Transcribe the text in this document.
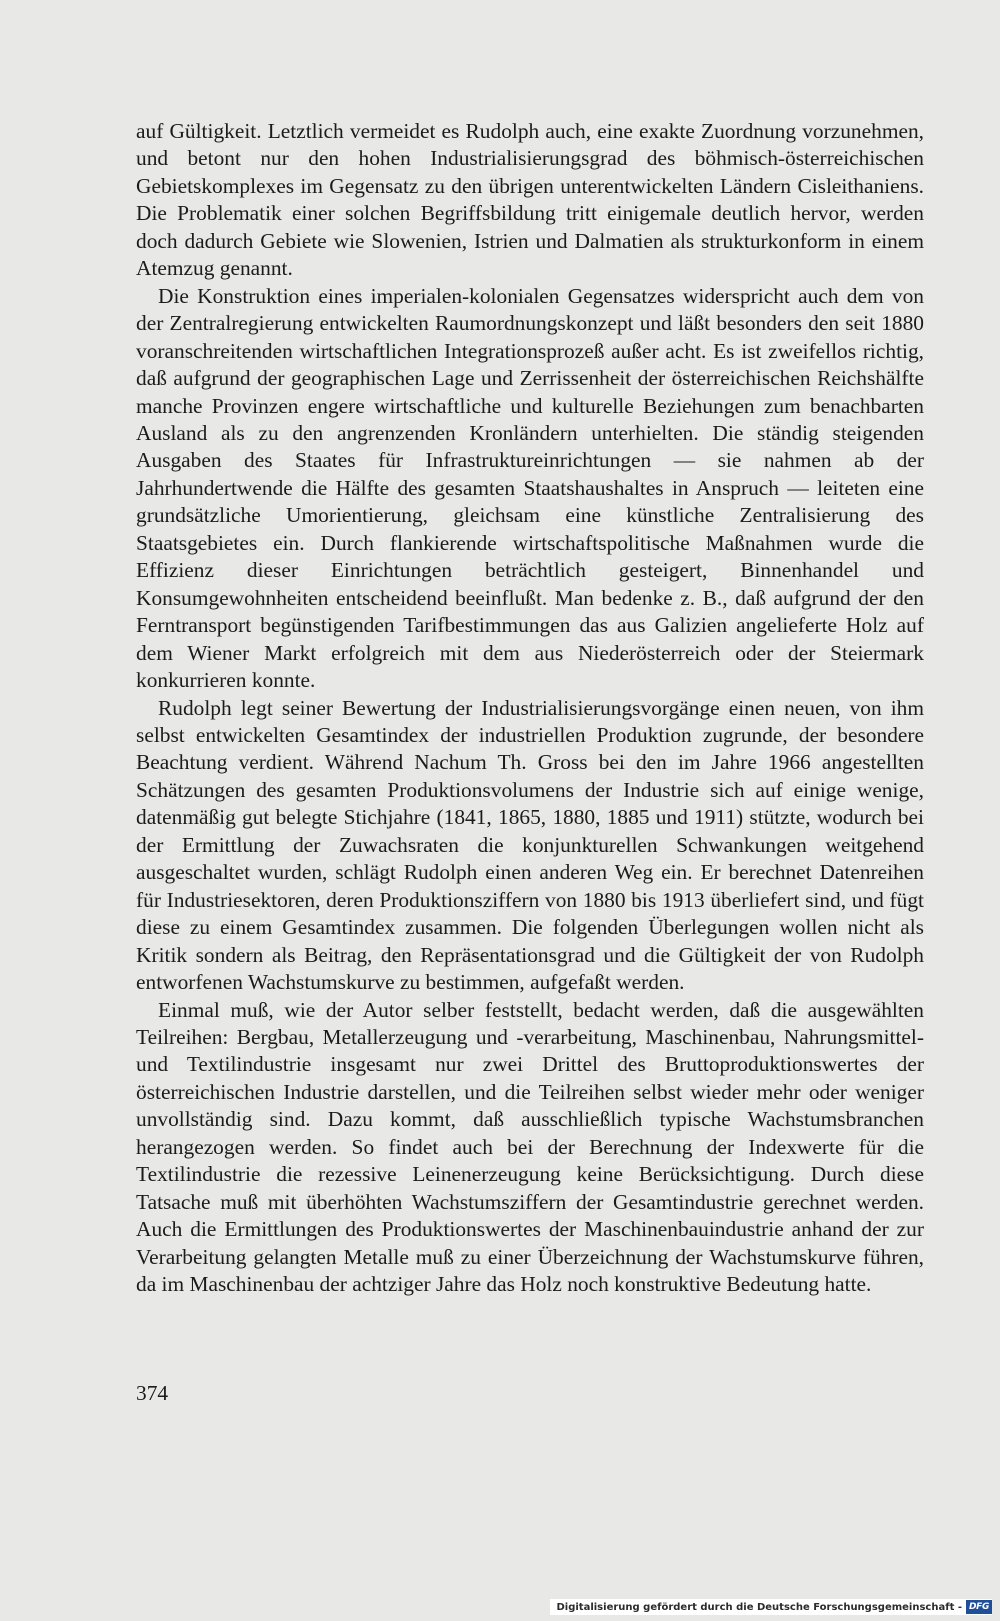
auf Gültigkeit. Letztlich vermeidet es Rudolph auch, eine exakte Zuordnung vorzunehmen, und betont nur den hohen Industrialisierungsgrad des böhmisch-österreichischen Gebietskomplexes im Gegensatz zu den übrigen unterentwickelten Ländern Cisleithaniens. Die Problematik einer solchen Begriffsbildung tritt einigemale deutlich hervor, werden doch dadurch Gebiete wie Slowenien, Istrien und Dalmatien als strukturkonform in einem Atemzug genannt.

Die Konstruktion eines imperialen-kolonialen Gegensatzes widerspricht auch dem von der Zentralregierung entwickelten Raumordnungskonzept und läßt besonders den seit 1880 voranschreitenden wirtschaftlichen Integrationsprozeß außer acht. Es ist zweifellos richtig, daß aufgrund der geographischen Lage und Zerrissenheit der österreichischen Reichshälfte manche Provinzen engere wirtschaftliche und kulturelle Beziehungen zum benachbarten Ausland als zu den angrenzenden Kronländern unterhielten. Die ständig steigenden Ausgaben des Staates für Infrastruktureinrichtungen — sie nahmen ab der Jahrhundertwende die Hälfte des gesamten Staatshaushaltes in Anspruch — leiteten eine grundsätzliche Umorientierung, gleichsam eine künstliche Zentralisierung des Staatsgebietes ein. Durch flankierende wirtschaftspolitische Maßnahmen wurde die Effizienz dieser Einrichtungen beträchtlich gesteigert, Binnenhandel und Konsumgewohnheiten entscheidend beeinflußt. Man bedenke z. B., daß aufgrund der den Ferntransport begünstigenden Tarifbestimmungen das aus Galizien angelieferte Holz auf dem Wiener Markt erfolgreich mit dem aus Niederösterreich oder der Steiermark konkurrieren konnte.

Rudolph legt seiner Bewertung der Industrialisierungsvorgänge einen neuen, von ihm selbst entwickelten Gesamtindex der industriellen Produktion zugrunde, der besondere Beachtung verdient. Während Nachum Th. Gross bei den im Jahre 1966 angestellten Schätzungen des gesamten Produktionsvolumens der Industrie sich auf einige wenige, datenmäßig gut belegte Stichjahre (1841, 1865, 1880, 1885 und 1911) stützte, wodurch bei der Ermittlung der Zuwachsraten die konjunkturellen Schwankungen weitgehend ausgeschaltet wurden, schlägt Rudolph einen anderen Weg ein. Er berechnet Datenreihen für Industriesektoren, deren Produktionsziffern von 1880 bis 1913 überliefert sind, und fügt diese zu einem Gesamtindex zusammen. Die folgenden Überlegungen wollen nicht als Kritik sondern als Beitrag, den Repräsentationsgrad und die Gültigkeit der von Rudolph entworfenen Wachstumskurve zu bestimmen, aufgefaßt werden.

Einmal muß, wie der Autor selber feststellt, bedacht werden, daß die ausgewählten Teilreihen: Bergbau, Metallerzeugung und -verarbeitung, Maschinenbau, Nahrungsmittel- und Textilindustrie insgesamt nur zwei Drittel des Bruttoproduktionswertes der österreichischen Industrie darstellen, und die Teilreihen selbst wieder mehr oder weniger unvollständig sind. Dazu kommt, daß ausschließlich typische Wachstumsbranchen herangezogen werden. So findet auch bei der Berechnung der Indexwerte für die Textilindustrie die rezessive Leinenerzeugung keine Berücksichtigung. Durch diese Tatsache muß mit überhöhten Wachstumsziffern der Gesamtindustrie gerechnet werden. Auch die Ermittlungen des Produktionswertes der Maschinenbauindustrie anhand der zur Verarbeitung gelangten Metalle muß zu einer Überzeichnung der Wachstumskurve führen, da im Maschinenbau der achtziger Jahre das Holz noch konstruktive Bedeutung hatte.

374
Digitalisierung gefördert durch die Deutsche Forschungsgemeinschaft - DFG
